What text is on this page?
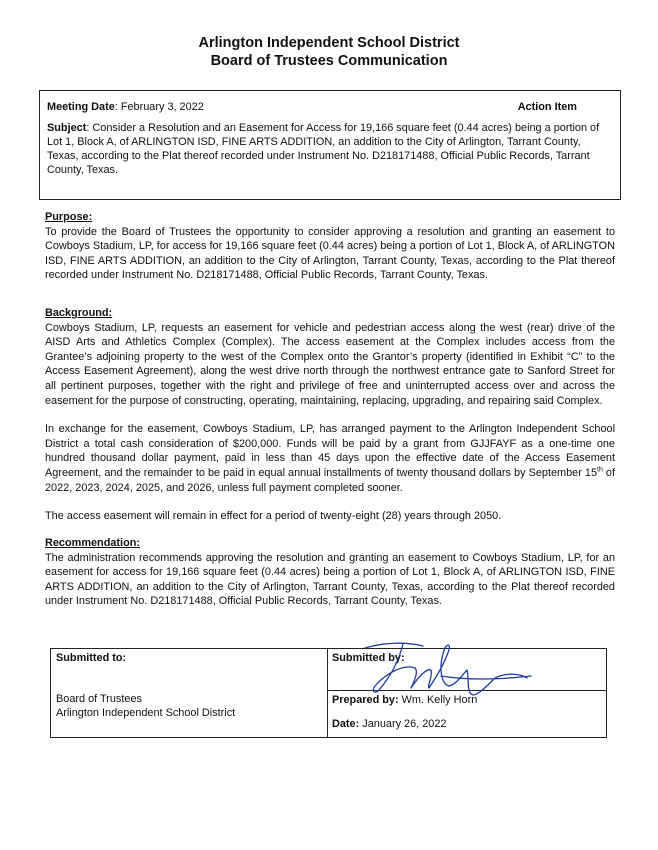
Arlington Independent School District
Board of Trustees Communication
Meeting Date: February 3, 2022	Action Item
Subject: Consider a Resolution and an Easement for Access for 19,166 square feet (0.44 acres) being a portion of Lot 1, Block A, of ARLINGTON ISD, FINE ARTS ADDITION, an addition to the City of Arlington, Tarrant County, Texas, according to the Plat thereof recorded under Instrument No. D218171488, Official Public Records, Tarrant County, Texas.
Purpose:

To provide the Board of Trustees the opportunity to consider approving a resolution and granting an easement to Cowboys Stadium, LP, for access for 19,166 square feet (0.44 acres) being a portion of Lot 1, Block A, of ARLINGTON ISD, FINE ARTS ADDITION, an addition to the City of Arlington, Tarrant County, Texas, according to the Plat thereof recorded under Instrument No. D218171488, Official Public Records, Tarrant County, Texas.

Background:

Cowboys Stadium, LP, requests an easement for vehicle and pedestrian access along the west (rear) drive of the AISD Arts and Athletics Complex (Complex). The access easement at the Complex includes access from the Grantee’s adjoining property to the west of the Complex onto the Grantor’s property (identified in Exhibit “C” to the Access Easement Agreement), along the west drive north through the northwest entrance gate to Sanford Street for all pertinent purposes, together with the right and privilege of free and uninterrupted access over and across the easement for the purpose of constructing, operating, maintaining, replacing, upgrading, and repairing said Complex.

In exchange for the easement, Cowboys Stadium, LP, has arranged payment to the Arlington Independent School District a total cash consideration of $200,000. Funds will be paid by a grant from GJJFAYF as a one-time one hundred thousand dollar payment, paid in less than 45 days upon the effective date of the Access Easement Agreement, and the remainder to be paid in equal annual installments of twenty thousand dollars by September 15th of 2022, 2023, 2024, 2025, and 2026, unless full payment completed sooner.

The access easement will remain in effect for a period of twenty-eight (28) years through 2050.

Recommendation:

The administration recommends approving the resolution and granting an easement to Cowboys Stadium, LP, for an easement for access for 19,166 square feet (0.44 acres) being a portion of Lot 1, Block A, of ARLINGTON ISD, FINE ARTS ADDITION, an addition to the City of Arlington, Tarrant County, Texas, according to the Plat thereof recorded under Instrument No. D218171488, Official Public Records, Tarrant County, Texas.

Submitted to:
Board of Trustees
Arlington Independent School District
Submitted by:
Prepared by: Wm. Kelly Horn
Date: January 26, 2022
